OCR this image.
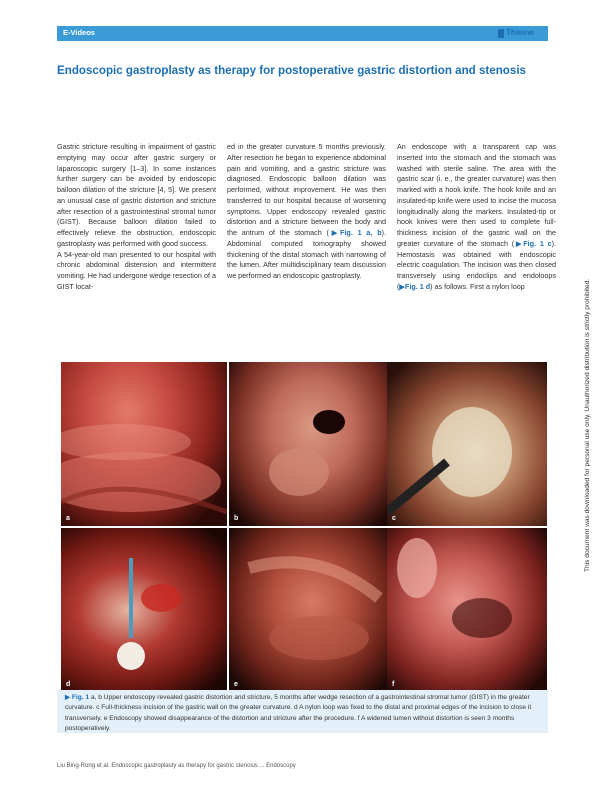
E-Videos	Thieme
Endoscopic gastroplasty as therapy for postoperative gastric distortion and stenosis

Gastric stricture resulting in impairment of gastric emptying may occur after gastric surgery or laparoscopic surgery [1–3]. In some instances further surgery can be avoided by endoscopic balloon dilation of the stricture [4, 5]. We present an unusual case of gastric distortion and stricture after resection of a gastrointestinal stromal tumor (GIST). Because balloon dilation failed to effectively relieve the obstruction, endoscopic gastroplasty was performed with good success.

A 54-year-old man presented to our hospital with chronic abdominal distension and intermittent vomiting. He had undergone wedge resection of a GIST locat-

ed in the greater curvature 5 months previously. After resection he began to experience abdominal pain and vomiting, and a gastric stricture was diagnosed. Endoscopic balloon dilation was performed, without improvement. He was then transferred to our hospital because of worsening symptoms. Upper endoscopy revealed gastric distortion and a stricture between the body and the antrum of the stomach (▶Fig. 1 a, b). Abdominal computed tomography showed thickening of the distal stomach with narrowing of the lumen. After multidisciplinary team discussion we performed an endoscopic gastroplasty.

An endoscope with a transparent cap was inserted into the stomach and the stomach was washed with sterile saline. The area with the gastric scar (i. e., the greater curvature) was then marked with a hook knife. The hook knife and an insulated-tip knife were used to incise the mucosa longitudinally along the markers. Insulated-tip or hook knives were then used to complete full-thickness incision of the gastric wall on the greater curvature of the stomach (▶Fig. 1 c). Hemostasis was obtained with endoscopic electric coagulation. The incision was then closed transversely using endoclips and endoloops (▶Fig. 1 d) as follows. First a nylon loop

a	b	c
d	e	f
▶ Fig. 1 a, b Upper endoscopy revealed gastric distortion and stricture, 5 months after wedge resection of a gastrointestinal stromal tumor (GIST) in the greater curvature. c Full-thickness incision of the gastric wall on the greater curvature. d A nylon loop was fixed to the distal and proximal edges of the incision to close it transversely. e Endoscopy showed disappearance of the distortion and stricture after the procedure. f A widened lumen without distortion is seen 3 months postoperatively.
Liu Bing-Rong et al. Endoscopic gastroplasty as therapy for gastric stenosis ... Endoscopy
This document was downloaded for personal use only. Unauthorized distribution is strictly prohibited.
